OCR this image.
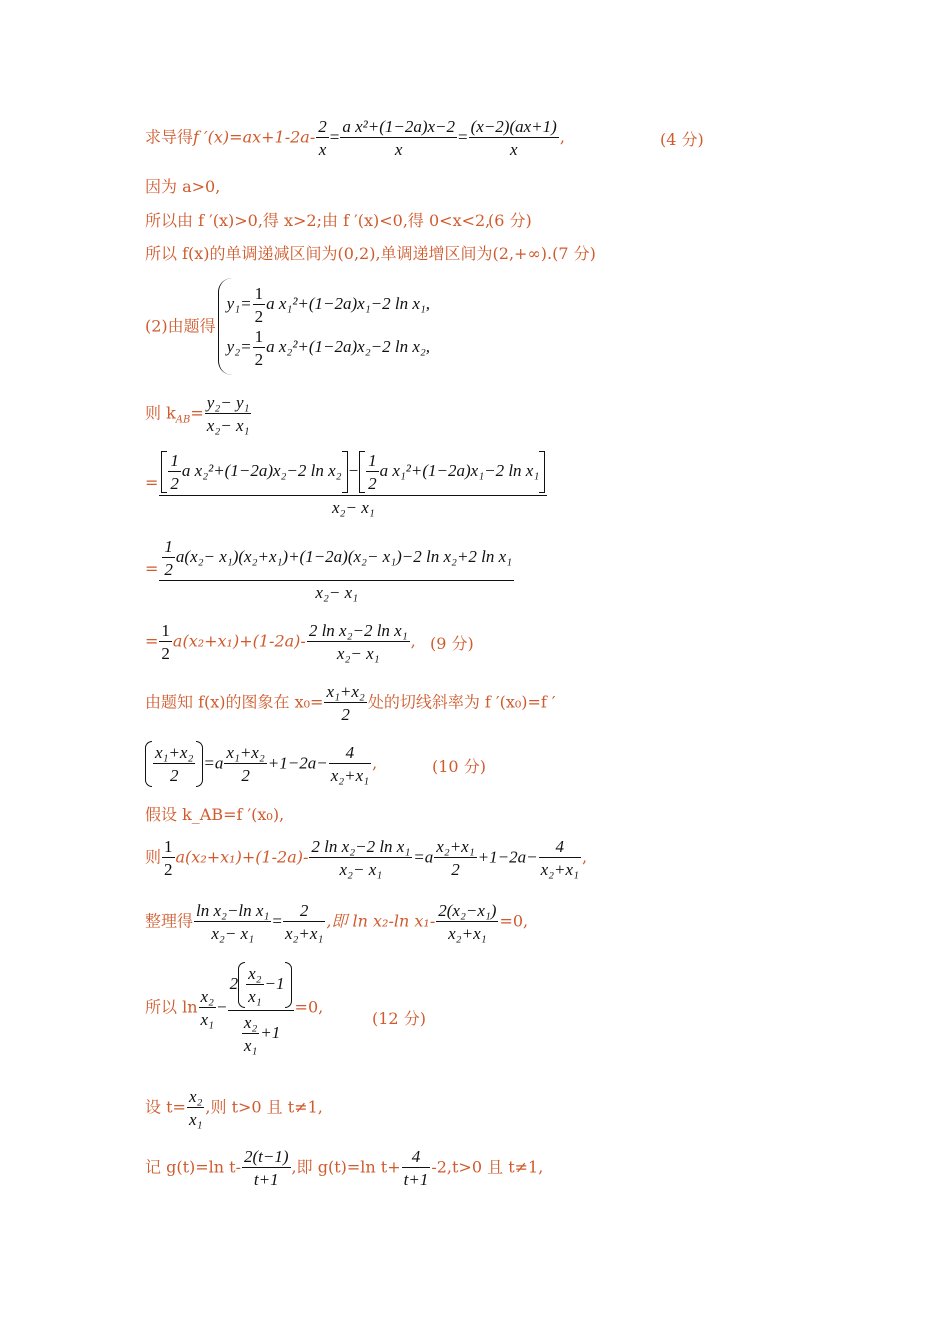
求导得f $'(x)=ax+1-2a- \frac{2}{x} = \frac{\text{a x²+(1−2a)x−2}}{x} = \frac{(x-2)(ax+1)}{x}$ ,	(4 分)
因为 a>0,
所以由 f ′(x)>0,得 x>2;由 f ′(x)<0,得 0<x<2,
(6 分)
所以 f(x)的单调递减区间为(0,2),单调递增区间为(2,+∞).(7 分)
(2)由题得
$y_1= \frac{1}{2}$ a x₁²+(1−2a)x₁−2 ln x₁,
$y_2= \frac{1}{2}$ a x₂²+(1−2a)x₂−2 ln x₂,
则 $k_{AB}= \frac{\text{y₂− y₁}}{\text{x₂− x₁}}$
= $\frac{\frac{1}{2} a x_2^2+(1-2a)x_2-2 \ln x_2 - \frac{1}{2} a x_1^2+(1-2a)x_1-2 \ln x_1}{\text{x₂− x₁}}$
= $\frac{\frac{1}{2} a(x_2- x_1)(x_2+x_1)+(1-2a)(x_2- x_1)-2 \ln x_2+2 \ln x_1}{\text{x₂− x₁}}$
= $\frac{1}{2} a(x_2+x_1)+(1-2a)- \frac{\text{2 ln x₂−2 ln x₁}}{\text{x₂− x₁}}$ , (9 分)
由题知 f(x)的图象在 $x_0= \frac{\text{x₁+x₂}}{2}$ 处的切线斜率为 f ′(x₀)=f ′
$\frac{\text{x₁+x₂}}{2} =a \frac{\text{x₁+x₂}}{2} +1-2a- \frac{4}{\text{x₂+x₁}}$ ,	(10 分)
假设 k_AB=f ′(x₀),
则 $\frac{1}{2} a(x_2+x_1)+(1-2a)- \frac{\text{2 ln x₂−2 ln x₁}}{\text{x₂− x₁}} =a \frac{\text{x₂+x₁}}{2} +1-2a- \frac{4}{\text{x₂+x₁}}$ ,
整理得 $\frac{\text{ln x₂−ln x₁}}{\text{x₂− x₁}} = \frac{2}{\text{x₂+x₁}}$ ,即 ln x₂-ln $x_1- \frac{\text{2(x₂−x₁)}}{\text{x₂+x₁}} =0$,
所以 $\ln \frac{\text{x₂}}{\text{x₁}} - \frac{2 \frac{\text{x₂}}{\text{x₁}} -1}{\frac{\text{x₂}}{\text{x₁}} +1} =0$,
(12 分)
设 $t= \frac{\text{x₂}}{\text{x₁}}$ ,则 t>0 且 t≠1,
记 g(t)=ln $t- \frac{2(t-1)}{t+1}$ ,即 g(t)=ln $t+ \frac{4}{t+1} -2,t>0$ 且 t≠1,
